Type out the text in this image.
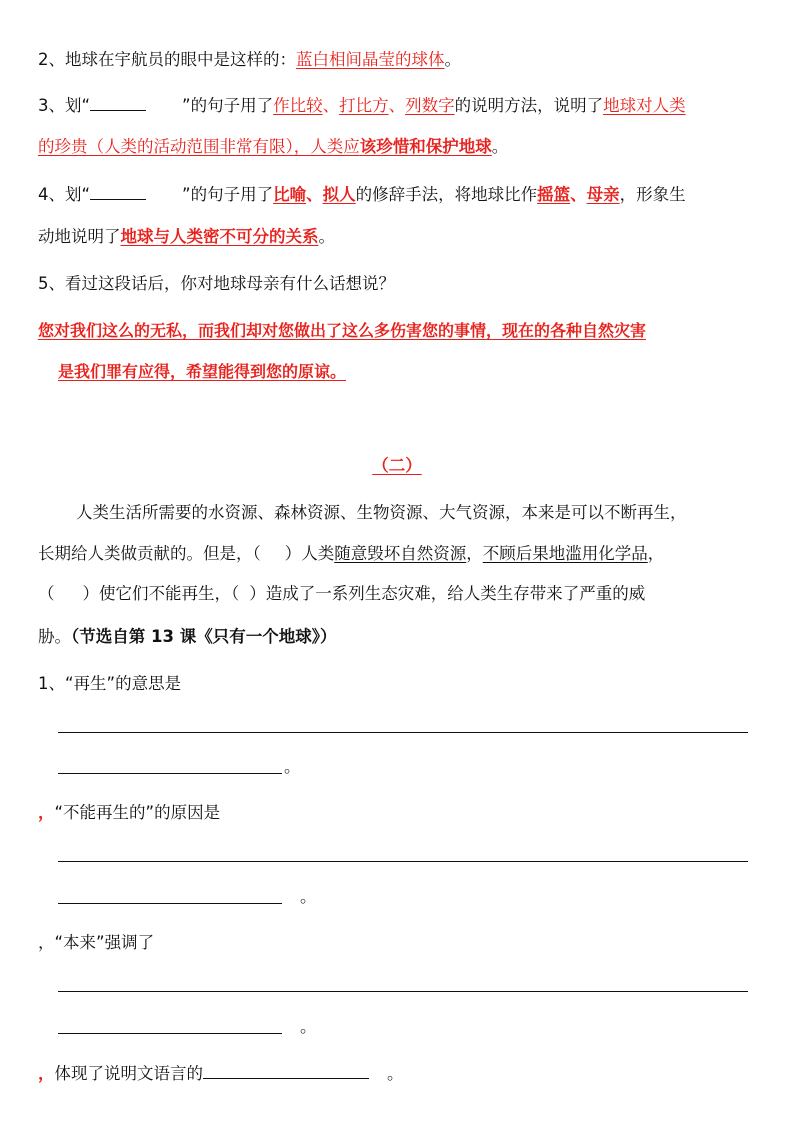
2、地球在宇航员的眼中是这样的：蓝白相间晶莹的球体。
3、划“	”的句子用了作比较、打比方、列数字的说明方法，说明了地球对人类
的珍贵（人类的活动范围非常有限），人类应该珍惜和保护地球。
4、划“	”的句子用了比喻、拟人的修辞手法，将地球比作摇篮、母亲，形象生
动地说明了地球与人类密不可分的关系。
5、看过这段话后，你对地球母亲有什么话想说？
您对我们这么的无私，而我们却对您做出了这么多伤害您的事情，现在的各种自然灾害
是我们罪有应得，希望能得到您的原谅。
（二）
人类生活所需要的水资源、森林资源、生物资源、大气资源，本来是可以不断再生，
长期给人类做贡献的。但是，（ ）人类随意毁坏自然资源，不顾后果地滥用化学品，
（ ）使它们不能再生，（ ）造成了一系列生态灾难，给人类生存带来了严重的威
胁。（节选自第 13 课《只有一个地球》）
1、“再生”的意思是
。
，“不能再生的”的原因是
。
，“本来”强调了
。
，体现了说明文语言的	。
